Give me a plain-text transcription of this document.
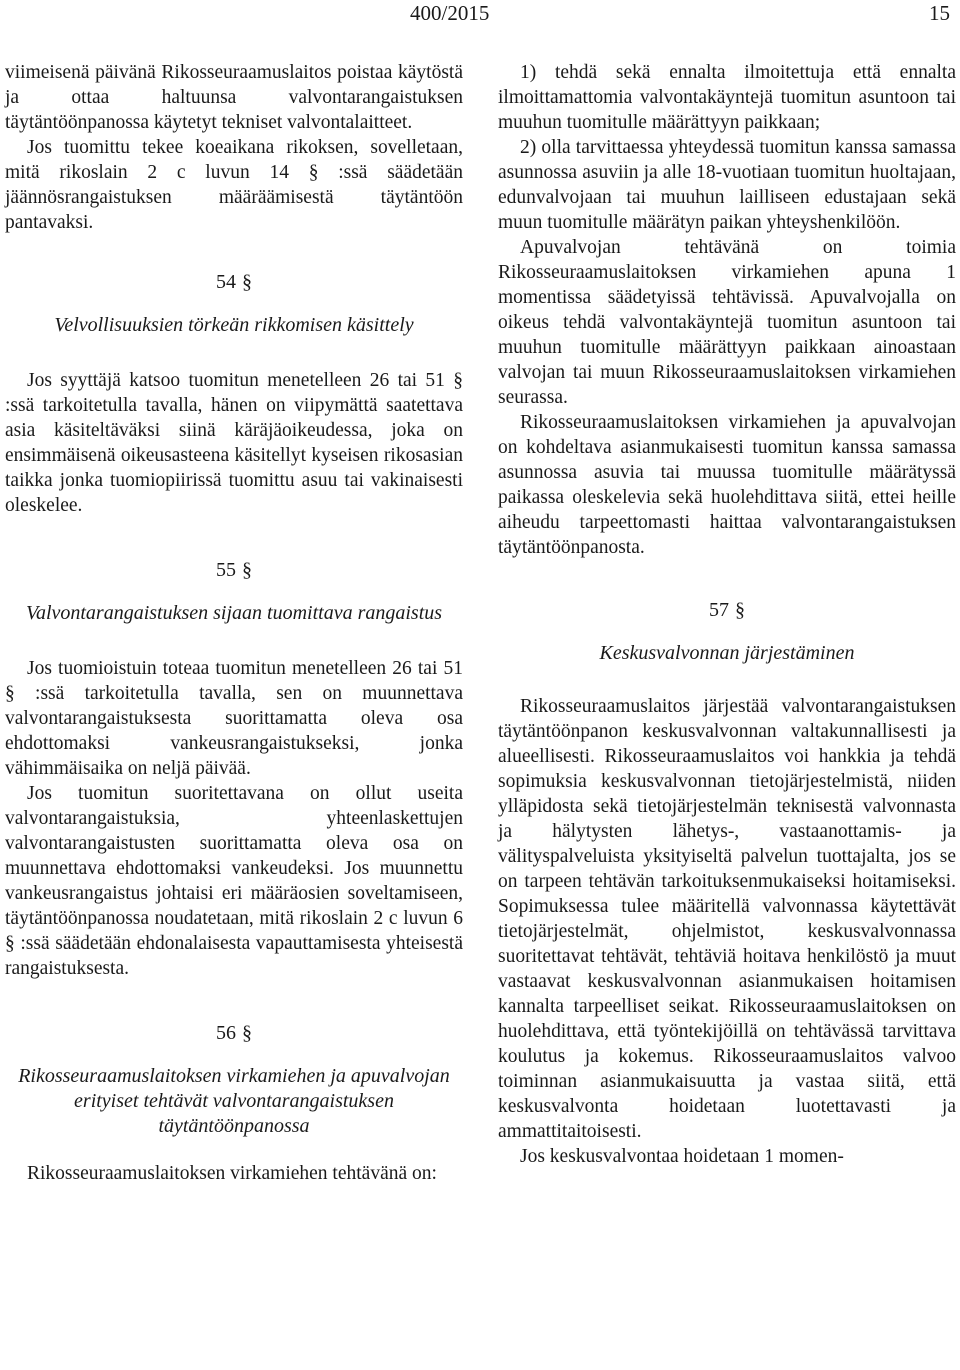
400/2015	15

viimeisenä päivänä Rikosseuraamuslaitos poistaa käytöstä ja ottaa haltuunsa valvontarangaistuksen täytäntöönpanossa käytetyt tekniset valvontalaitteet.

Jos tuomittu tekee koeaikana rikoksen, sovelletaan, mitä rikoslain 2 c luvun 14 § :ssä säädetään jäännösrangaistuksen määräämisestä täytäntöön pantavaksi.

54 §

Velvollisuuksien törkeän rikkomisen käsittely

Jos syyttäjä katsoo tuomitun menetelleen 26 tai 51 § :ssä tarkoitetulla tavalla, hänen on viipymättä saatettava asia käsiteltäväksi siinä käräjäoikeudessa, joka on ensimmäisenä oikeusasteena käsitellyt kyseisen rikosasian taikka jonka tuomiopiirissä tuomittu asuu tai vakinaisesti oleskelee.

55 §

Valvontarangaistuksen sijaan tuomittava rangaistus

Jos tuomioistuin toteaa tuomitun menetelleen 26 tai 51 § :ssä tarkoitetulla tavalla, sen on muunnettava valvontarangaistuksesta suorittamatta oleva osa ehdottomaksi vankeusrangaistukseksi, jonka vähimmäisaika on neljä päivää.

Jos tuomitun suoritettavana on ollut useita valvontarangaistuksia, yhteenlaskettujen valvontarangaistusten suorittamatta oleva osa on muunnettava ehdottomaksi vankeudeksi. Jos muunnettu vankeusrangaistus johtaisi eri määräosien soveltamiseen, täytäntöönpanossa noudatetaan, mitä rikoslain 2 c luvun 6 § :ssä säädetään ehdonalaisesta vapauttamisesta yhteisestä rangaistuksesta.

56 §

Rikosseuraamuslaitoksen virkamiehen ja apuvalvojan erityiset tehtävät valvontarangaistuksen täytäntöönpanossa

Rikosseuraamuslaitoksen virkamiehen tehtävänä on:

1) tehdä sekä ennalta ilmoitettuja että ennalta ilmoittamattomia valvontakäyntejä tuomitun asuntoon tai muuhun tuomitulle määrättyyn paikkaan;

2) olla tarvittaessa yhteydessä tuomitun kanssa samassa asunnossa asuviin ja alle 18-vuotiaan tuomitun huoltajaan, edunvalvojaan tai muuhun lailliseen edustajaan sekä muun tuomitulle määrätyn paikan yhteyshenkilöön.

Apuvalvojan tehtävänä on toimia Rikosseuraamuslaitoksen virkamiehen apuna 1 momentissa säädetyissä tehtävissä. Apuvalvojalla on oikeus tehdä valvontakäyntejä tuomitun asuntoon tai muuhun tuomitulle määrättyyn paikkaan ainoastaan valvojan tai muun Rikosseuraamuslaitoksen virkamiehen seurassa.

Rikosseuraamuslaitoksen virkamiehen ja apuvalvojan on kohdeltava asianmukaisesti tuomitun kanssa samassa asunnossa asuvia tai muussa tuomitulle määrätyssä paikassa oleskelevia sekä huolehdittava siitä, ettei heille aiheudu tarpeettomasti haittaa valvontarangaistuksen täytäntöönpanosta.

57 §

Keskusvalvonnan järjestäminen

Rikosseuraamuslaitos järjestää valvontarangaistuksen täytäntöönpanon keskusvalvonnan valtakunnallisesti ja alueellisesti. Rikosseuraamuslaitos voi hankkia ja tehdä sopimuksia keskusvalvonnan tietojärjestelmistä, niiden ylläpidosta sekä tietojärjestelmän teknisestä valvonnasta ja hälytysten lähetys-, vastaanottamis- ja välityspalveluista yksityiseltä palvelun tuottajalta, jos se on tarpeen tehtävän tarkoituksenmukaiseksi hoitamiseksi. Sopimuksessa tulee määritellä valvonnassa käytettävät tietojärjestelmät, ohjelmistot, keskusvalvonnassa suoritettavat tehtävät, tehtäviä hoitava henkilöstö ja muut vastaavat keskusvalvonnan asianmukaisen hoitamisen kannalta tarpeelliset seikat. Rikosseuraamuslaitoksen on huolehdittava, että työntekijöillä on tehtävässä tarvittava koulutus ja kokemus. Rikosseuraamuslaitos valvoo toiminnan asianmukaisuutta ja vastaa siitä, että keskusvalvonta hoidetaan luotettavasti ja ammattitaitoisesti.

Jos keskusvalvontaa hoidetaan 1 momen-
